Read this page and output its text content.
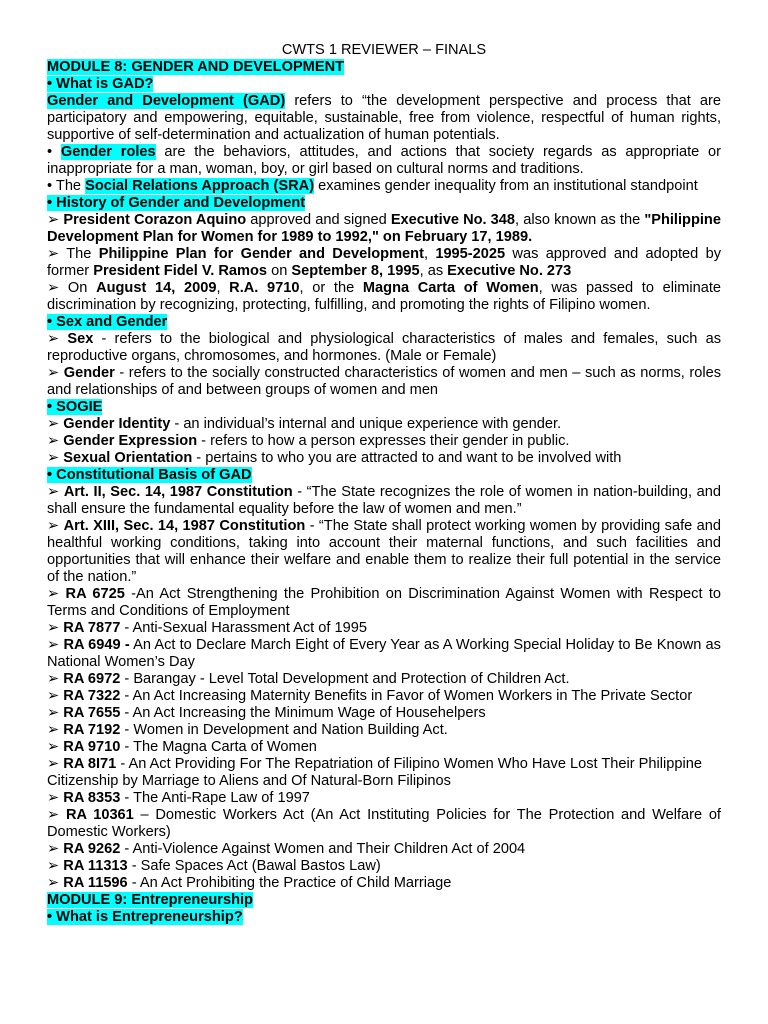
CWTS 1 REVIEWER – FINALS

MODULE 8: GENDER AND DEVELOPMENT

• What is GAD?

Gender and Development (GAD) refers to “the development perspective and process that are participatory and empowering, equitable, sustainable, free from violence, respectful of human rights, supportive of self-determination and actualization of human potentials.

• Gender roles are the behaviors, attitudes, and actions that society regards as appropriate or inappropriate for a man, woman, boy, or girl based on cultural norms and traditions.

• The Social Relations Approach (SRA) examines gender inequality from an institutional standpoint

• History of Gender and Development

➢ President Corazon Aquino approved and signed Executive No. 348, also known as the "Philippine Development Plan for Women for 1989 to 1992," on February 17, 1989.

➢ The Philippine Plan for Gender and Development, 1995-2025 was approved and adopted by former President Fidel V. Ramos on September 8, 1995, as Executive No. 273

➢ On August 14, 2009, R.A. 9710, or the Magna Carta of Women, was passed to eliminate discrimination by recognizing, protecting, fulfilling, and promoting the rights of Filipino women.

• Sex and Gender

➢ Sex - refers to the biological and physiological characteristics of males and females, such as reproductive organs, chromosomes, and hormones. (Male or Female)

➢ Gender - refers to the socially constructed characteristics of women and men – such as norms, roles and relationships of and between groups of women and men

• SOGIE

➢ Gender Identity - an individual’s internal and unique experience with gender.

➢ Gender Expression - refers to how a person expresses their gender in public.

➢ Sexual Orientation - pertains to who you are attracted to and want to be involved with

• Constitutional Basis of GAD

➢ Art. II, Sec. 14, 1987 Constitution - “The State recognizes the role of women in nation-building, and shall ensure the fundamental equality before the law of women and men.”

➢ Art. XIII, Sec. 14, 1987 Constitution - “The State shall protect working women by providing safe and healthful working conditions, taking into account their maternal functions, and such facilities and opportunities that will enhance their welfare and enable them to realize their full potential in the service of the nation.”

➢ RA 6725 -An Act Strengthening the Prohibition on Discrimination Against Women with Respect to Terms and Conditions of Employment

➢ RA 7877 - Anti-Sexual Harassment Act of 1995

➢ RA 6949 - An Act to Declare March Eight of Every Year as A Working Special Holiday to Be Known as National Women’s Day

➢ RA 6972 - Barangay - Level Total Development and Protection of Children Act.

➢ RA 7322 - An Act Increasing Maternity Benefits in Favor of Women Workers in The Private Sector

➢ RA 7655 - An Act Increasing the Minimum Wage of Househelpers

➢ RA 7192 - Women in Development and Nation Building Act.

➢ RA 9710 - The Magna Carta of Women

➢ RA 8I71 - An Act Providing For The Repatriation of Filipino Women Who Have Lost Their Philippine

Citizenship by Marriage to Aliens and Of Natural-Born Filipinos

➢ RA 8353 - The Anti-Rape Law of 1997

➢ RA 10361 – Domestic Workers Act (An Act Instituting Policies for The Protection and Welfare of Domestic Workers)

➢ RA 9262 - Anti-Violence Against Women and Their Children Act of 2004

➢ RA 11313 - Safe Spaces Act (Bawal Bastos Law)

➢ RA 11596 - An Act Prohibiting the Practice of Child Marriage

MODULE 9: Entrepreneurship

• What is Entrepreneurship?
